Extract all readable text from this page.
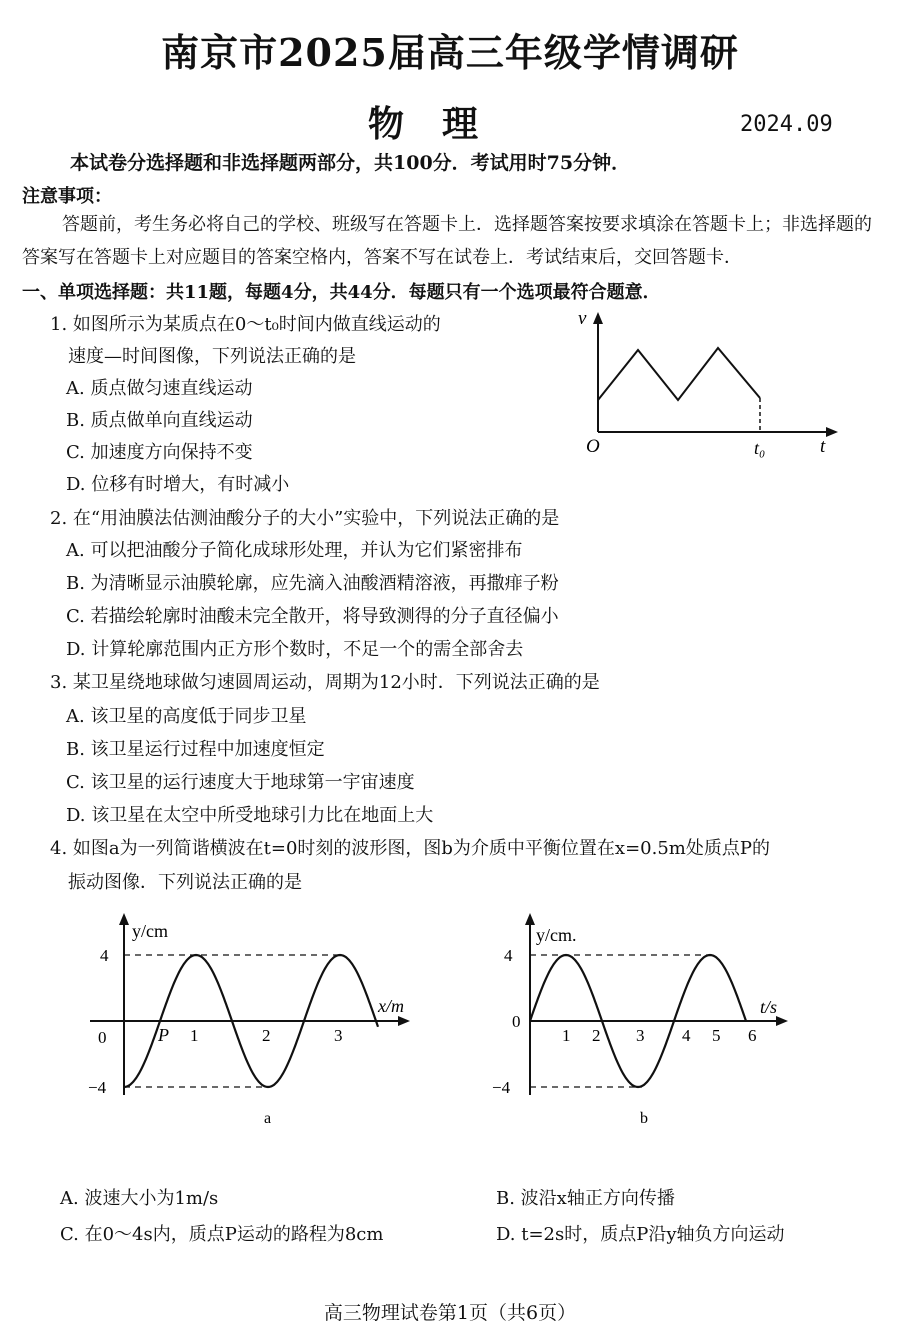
南京市2025届高三年级学情调研
物理	2024.09
本试卷分选择题和非选择题两部分，共100分．考试用时75分钟．
注意事项：
答题前，考生务必将自己的学校、班级写在答题卡上．选择题答案按要求填涂在答题卡上；非选择题的答案写在答题卡上对应题目的答案空格内，答案不写在试卷上．考试结束后，交回答题卡．
一、单项选择题：共11题，每题4分，共44分．每题只有一个选项最符合题意．
1. 如图所示为某质点在0～t₀时间内做直线运动的
速度—时间图像，下列说法正确的是
A. 质点做匀速直线运动
B. 质点做单向直线运动
C. 加速度方向保持不变
D. 位移有时增大，有时减小
v
O	t₀	t
2. 在“用油膜法估测油酸分子的大小”实验中，下列说法正确的是
A. 可以把油酸分子简化成球形处理，并认为它们紧密排布
B. 为清晰显示油膜轮廓，应先滴入油酸酒精溶液，再撒痱子粉
C. 若描绘轮廓时油酸未完全散开，将导致测得的分子直径偏小
D. 计算轮廓范围内正方形个数时，不足一个的需全部舍去
3. 某卫星绕地球做匀速圆周运动，周期为12小时．下列说法正确的是
A. 该卫星的高度低于同步卫星
B. 该卫星运行过程中加速度恒定
C. 该卫星的运行速度大于地球第一宇宙速度
D. 该卫星在太空中所受地球引力比在地面上大
4. 如图a为一列简谐横波在t=0时刻的波形图，图b为介质中平衡位置在x=0.5m处质点P的
振动图像．下列说法正确的是
y/cm
x/m
4
0
−4
P 1	2	3
a
y/cm.
t/s
4
0
−4
1 2 3 4 5 6
b
A. 波速大小为1m/s	B. 波沿x轴正方向传播
C. 在0～4s内，质点P运动的路程为8cm	D. t=2s时，质点P沿y轴负方向运动
高三物理试卷第1页（共6页）
